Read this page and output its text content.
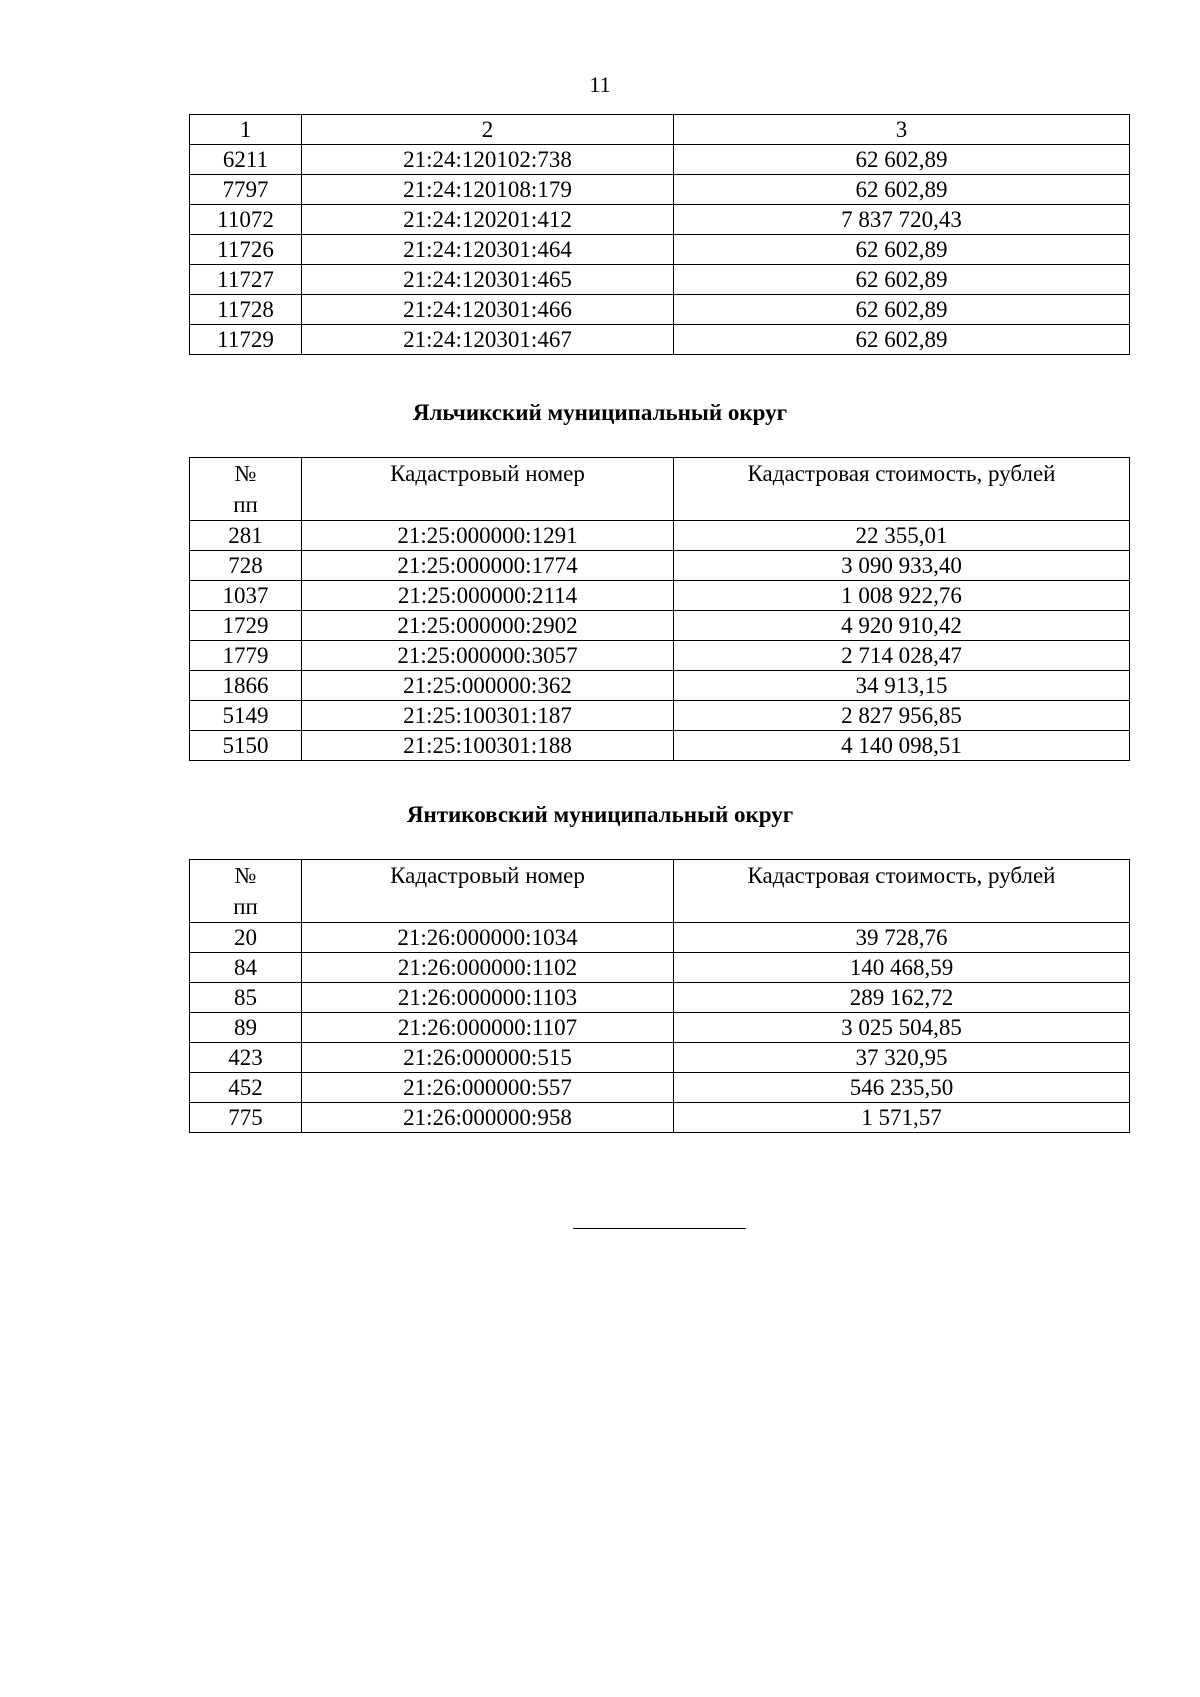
11

1	2	3
6211	21:24:120102:738	62 602,89
7797	21:24:120108:179	62 602,89
11072	21:24:120201:412	7 837 720,43
11726	21:24:120301:464	62 602,89
11727	21:24:120301:465	62 602,89
11728	21:24:120301:466	62 602,89
11729	21:24:120301:467	62 602,89
Яльчикский муниципальный округ
№
пп	Кадастровый номер	Кадастровая стоимость, рублей
281	21:25:000000:1291	22 355,01
728	21:25:000000:1774	3 090 933,40
1037	21:25:000000:2114	1 008 922,76
1729	21:25:000000:2902	4 920 910,42
1779	21:25:000000:3057	2 714 028,47
1866	21:25:000000:362	34 913,15
5149	21:25:100301:187	2 827 956,85
5150	21:25:100301:188	4 140 098,51
Янтиковский муниципальный округ
№
пп	Кадастровый номер	Кадастровая стоимость, рублей
20	21:26:000000:1034	39 728,76
84	21:26:000000:1102	140 468,59
85	21:26:000000:1103	289 162,72
89	21:26:000000:1107	3 025 504,85
423	21:26:000000:515	37 320,95
452	21:26:000000:557	546 235,50
775	21:26:000000:958	1 571,57
